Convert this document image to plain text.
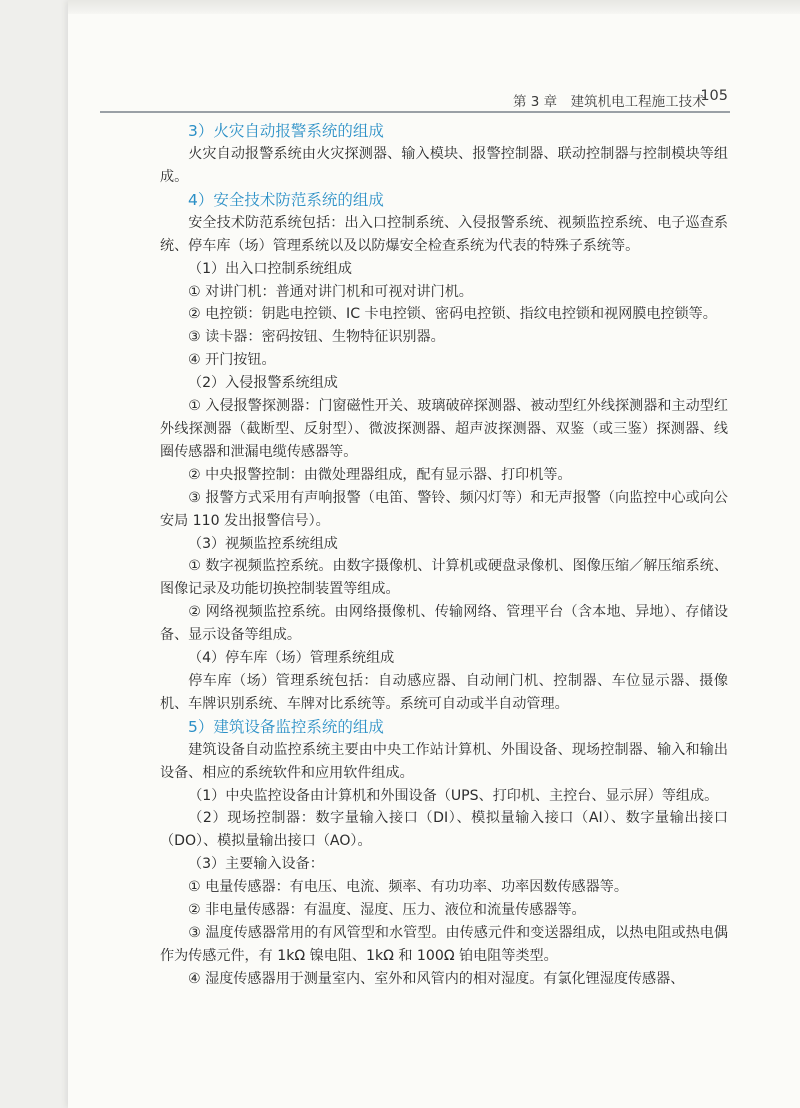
第 3 章　建筑机电工程施工技术
105
3）火灾自动报警系统的组成

火灾自动报警系统由火灾探测器、输入模块、报警控制器、联动控制器与控制模块等组成。

4）安全技术防范系统的组成

安全技术防范系统包括：出入口控制系统、入侵报警系统、视频监控系统、电子巡查系统、停车库（场）管理系统以及以防爆安全检查系统为代表的特殊子系统等。

（1）出入口控制系统组成

① 对讲门机：普通对讲门机和可视对讲门机。

② 电控锁：钥匙电控锁、IC 卡电控锁、密码电控锁、指纹电控锁和视网膜电控锁等。

③ 读卡器：密码按钮、生物特征识别器。

④ 开门按钮。

（2）入侵报警系统组成

① 入侵报警探测器：门窗磁性开关、玻璃破碎探测器、被动型红外线探测器和主动型红外线探测器（截断型、反射型）、微波探测器、超声波探测器、双鉴（或三鉴）探测器、线圈传感器和泄漏电缆传感器等。

② 中央报警控制：由微处理器组成，配有显示器、打印机等。

③ 报警方式采用有声响报警（电笛、警铃、频闪灯等）和无声报警（向监控中心或向公安局 110 发出报警信号）。

（3）视频监控系统组成

① 数字视频监控系统。由数字摄像机、计算机或硬盘录像机、图像压缩／解压缩系统、图像记录及功能切换控制装置等组成。

② 网络视频监控系统。由网络摄像机、传输网络、管理平台（含本地、异地）、存储设备、显示设备等组成。

（4）停车库（场）管理系统组成

停车库（场）管理系统包括：自动感应器、自动闸门机、控制器、车位显示器、摄像机、车牌识别系统、车牌对比系统等。系统可自动或半自动管理。

5）建筑设备监控系统的组成

建筑设备自动监控系统主要由中央工作站计算机、外围设备、现场控制器、输入和输出设备、相应的系统软件和应用软件组成。

（1）中央监控设备由计算机和外围设备（UPS、打印机、主控台、显示屏）等组成。

（2）现场控制器：数字量输入接口（DI）、模拟量输入接口（AI）、数字量输出接口（DO）、模拟量输出接口（AO）。

（3）主要输入设备：

① 电量传感器：有电压、电流、频率、有功功率、功率因数传感器等。

② 非电量传感器：有温度、湿度、压力、液位和流量传感器等。

③ 温度传感器常用的有风管型和水管型。由传感元件和变送器组成，以热电阻或热电偶作为传感元件，有 1kΩ 镍电阻、1kΩ 和 100Ω 铂电阻等类型。

④ 湿度传感器用于测量室内、室外和风管内的相对湿度。有氯化锂湿度传感器、
